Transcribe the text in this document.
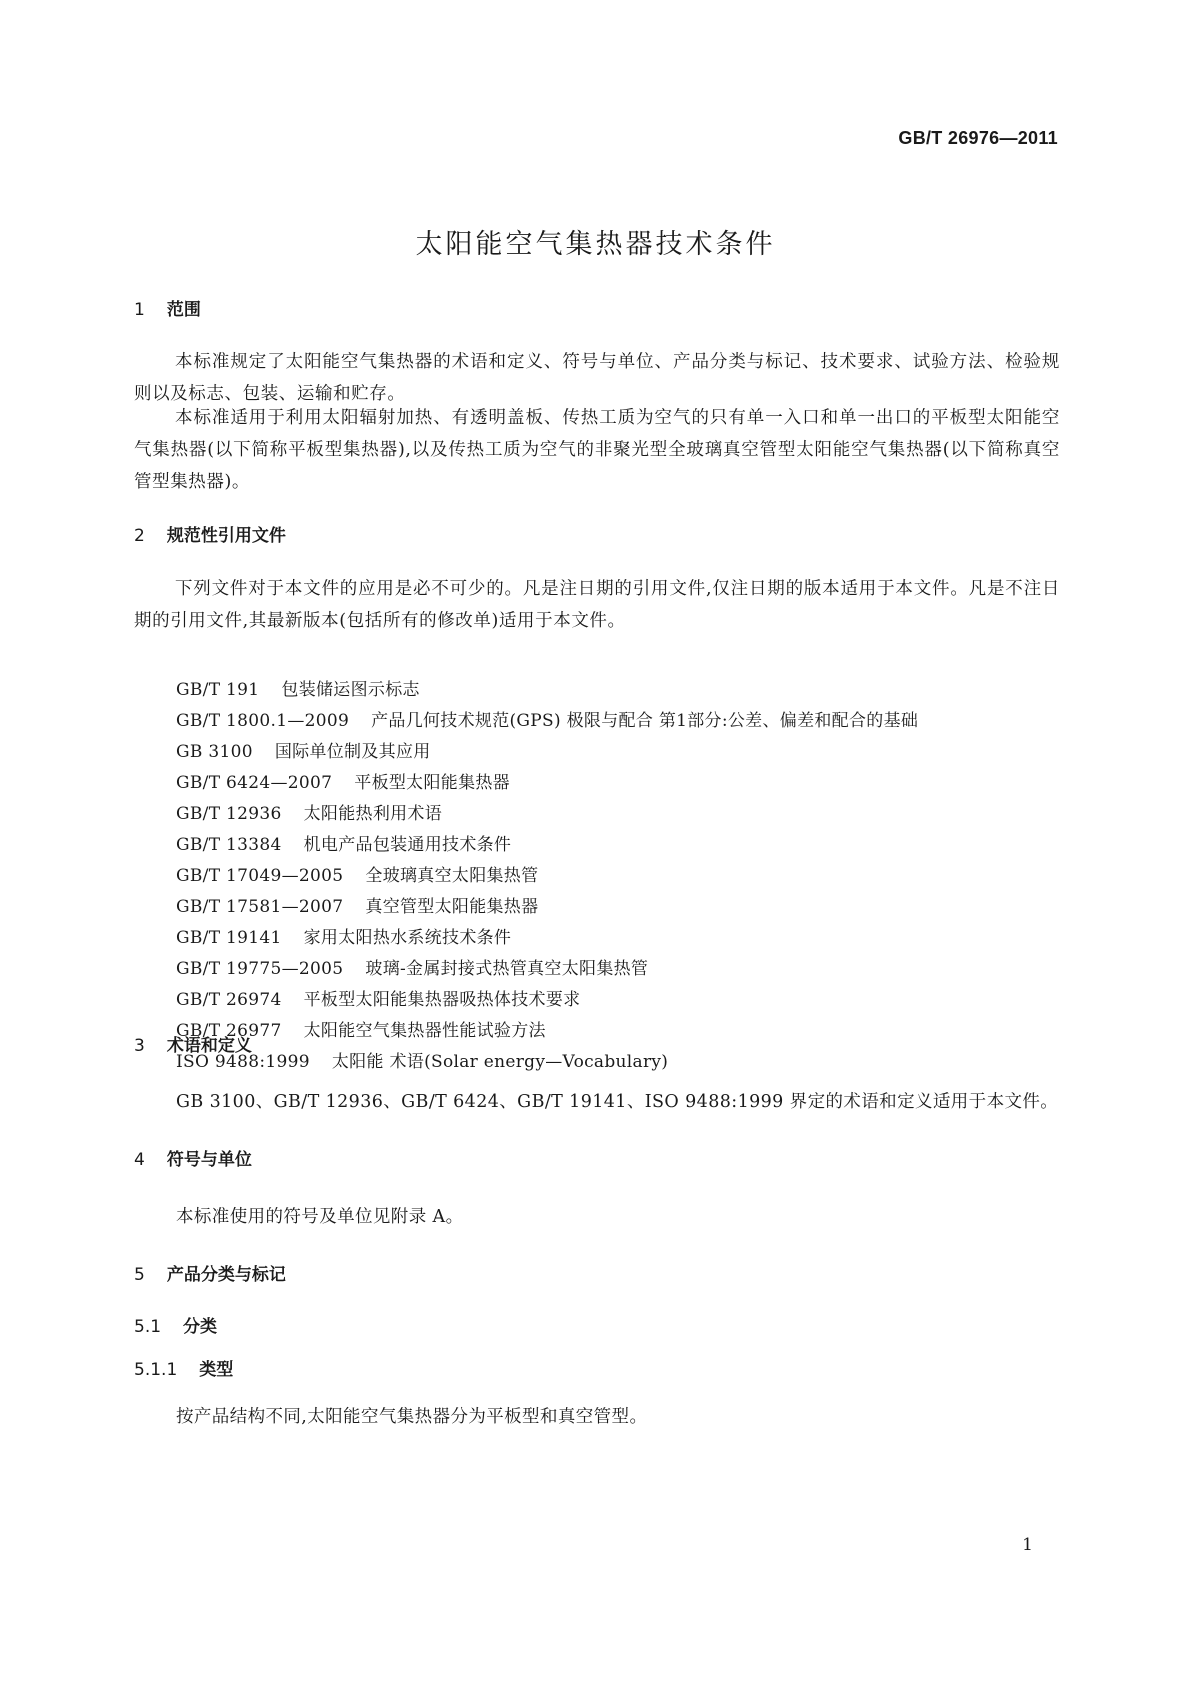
GB/T 26976—2011
太阳能空气集热器技术条件
1 范围

本标准规定了太阳能空气集热器的术语和定义、符号与单位、产品分类与标记、技术要求、试验方法、检验规则以及标志、包装、运输和贮存。

本标准适用于利用太阳辐射加热、有透明盖板、传热工质为空气的只有单一入口和单一出口的平板型太阳能空气集热器(以下简称平板型集热器),以及传热工质为空气的非聚光型全玻璃真空管型太阳能空气集热器(以下简称真空管型集热器)。

2 规范性引用文件

下列文件对于本文件的应用是必不可少的。凡是注日期的引用文件,仅注日期的版本适用于本文件。凡是不注日期的引用文件,其最新版本(包括所有的修改单)适用于本文件。

GB/T 191 包装储运图示标志
GB/T 1800.1—2009 产品几何技术规范(GPS) 极限与配合 第1部分:公差、偏差和配合的基础
GB 3100 国际单位制及其应用
GB/T 6424—2007 平板型太阳能集热器
GB/T 12936 太阳能热利用术语
GB/T 13384 机电产品包装通用技术条件
GB/T 17049—2005 全玻璃真空太阳集热管
GB/T 17581—2007 真空管型太阳能集热器
GB/T 19141 家用太阳热水系统技术条件
GB/T 19775—2005 玻璃-金属封接式热管真空太阳集热管
GB/T 26974 平板型太阳能集热器吸热体技术要求
GB/T 26977 太阳能空气集热器性能试验方法
ISO 9488:1999 太阳能 术语(Solar energy—Vocabulary)
3 术语和定义
GB 3100、GB/T 12936、GB/T 6424、GB/T 19141、ISO 9488:1999 界定的术语和定义适用于本文件。
4 符号与单位
本标准使用的符号及单位见附录 A。
5 产品分类与标记
5.1 分类
5.1.1 类型
按产品结构不同,太阳能空气集热器分为平板型和真空管型。
1
